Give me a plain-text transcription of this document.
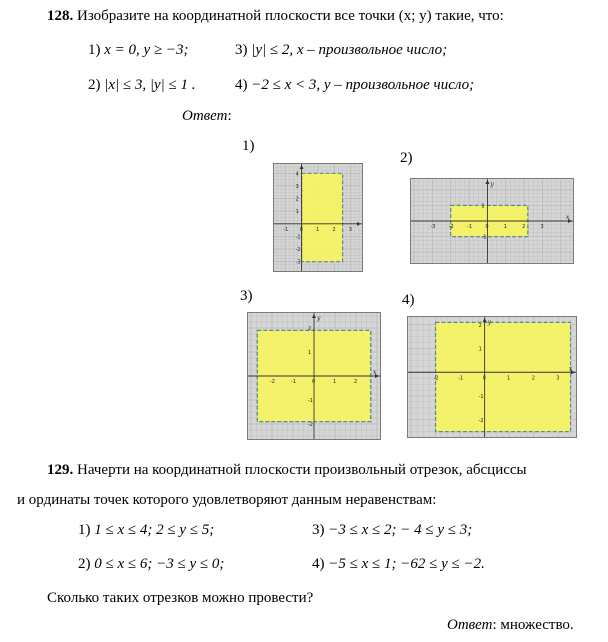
128. Изобразите на координатной плоскости все точки (x; y) такие, что:
1) x = 0, y ≥ −3;
2) |x| ≤ 3, |y| ≤ 1 .
3) |y| ≤ 2, x – произвольное число;
4) −2 ≤ x < 3, y – произвольное число;
Ответ:
1)
2)
3)	4)
-1 0	1	2	3
4
3
2
1
-1
-2
-3
-3	-2	-1	0	1	2	3
1
-1
x
y
-2	-1	0	1	2
2
1
-1
-2
x
y
-2	-1	0	1	2	3
2
1
-1
-2
x
y
129. Начерти на координатной плоскости произвольный отрезок, абсциссы
и ординаты точек которого удовлетворяют данным неравенствам:
1) 1 ≤ x ≤ 4; 2 ≤ y ≤ 5;
2) 0 ≤ x ≤ 6; −3 ≤ y ≤ 0;
3) −3 ≤ x ≤ 2; − 4 ≤ y ≤ 3;
4) −5 ≤ x ≤ 1; −62 ≤ y ≤ −2.
Сколько таких отрезков можно провести?
Ответ: множество.
